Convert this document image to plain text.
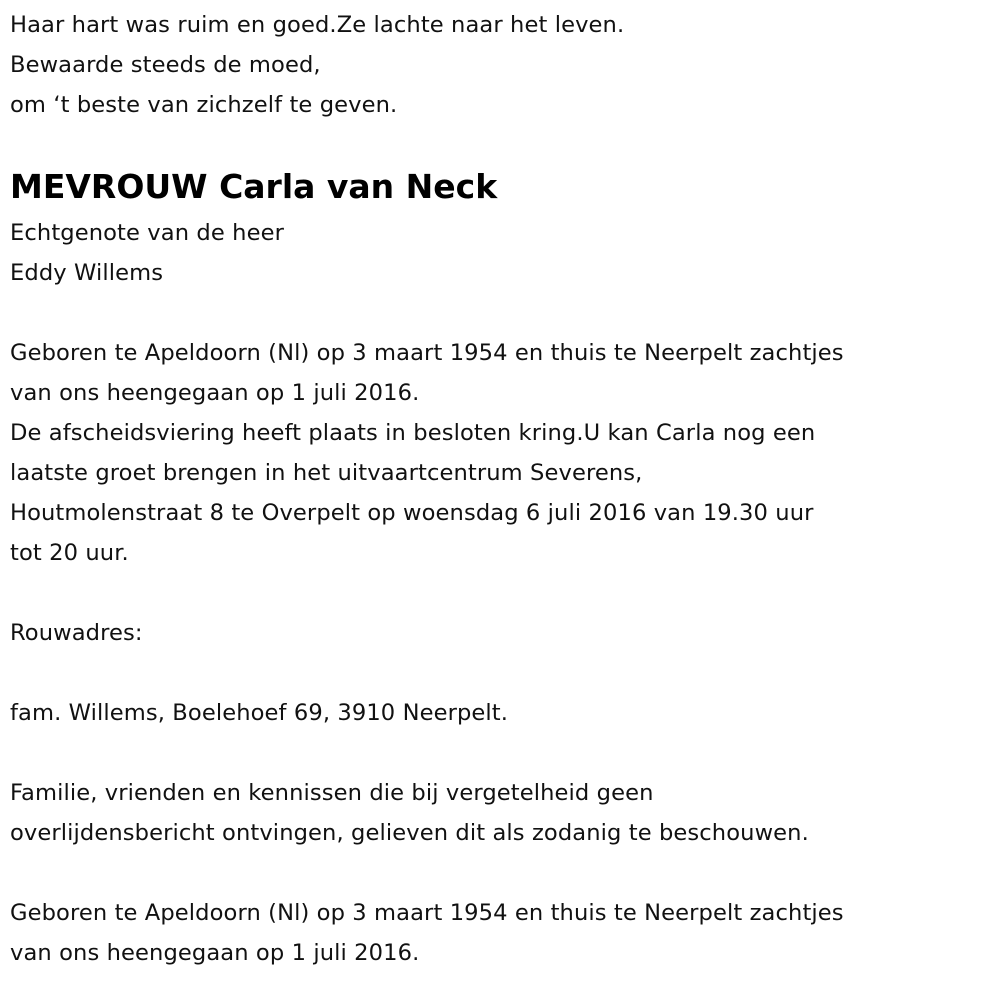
Haar hart was ruim en goed.Ze lachte naar het leven.
Bewaarde steeds de moed,
om ‘t beste van zichzelf te geven.
MEVROUW Carla van Neck
Echtgenote van de heer
Eddy Willems
Geboren te Apeldoorn (Nl) op 3 maart 1954 en thuis te Neerpelt zachtjes
van ons heengegaan op 1 juli 2016.
De afscheidsviering heeft plaats in besloten kring.U kan Carla nog een
laatste groet brengen in het uitvaartcentrum Severens,
Houtmolenstraat 8 te Overpelt op woensdag 6 juli 2016 van 19.30 uur
tot 20 uur.
Rouwadres:
fam. Willems, Boelehoef 69, 3910 Neerpelt.
Familie, vrienden en kennissen die bij vergetelheid geen
overlijdensbericht ontvingen, gelieven dit als zodanig te beschouwen.
Geboren te Apeldoorn (Nl) op 3 maart 1954 en thuis te Neerpelt zachtjes
van ons heengegaan op 1 juli 2016.
